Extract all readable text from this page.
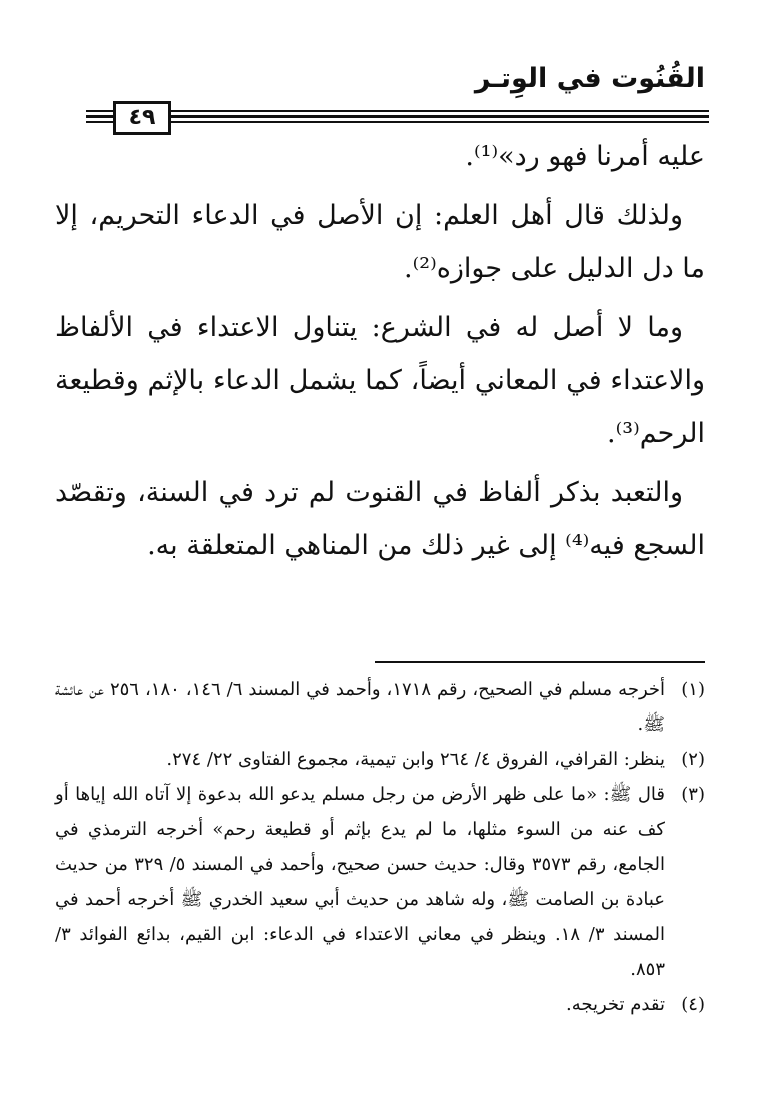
القُنُوت في الوِتـر
٤٩

عليه أمرنا فهو رد»⁽¹⁾.

ولذلك قال أهل العلم: إن الأصل في الدعاء التحريم، إلا ما دل الدليل على جوازه⁽²⁾.

وما لا أصل له في الشرع: يتناول الاعتداء في الألفاظ والاعتداء في المعاني أيضاً، كما يشمل الدعاء بالإثم وقطيعة الرحم⁽³⁾.

والتعبد بذكر ألفاظ في القنوت لم ترد في السنة، وتقصّد السجع فيه⁽⁴⁾ إلى غير ذلك من المناهي المتعلقة به.

(١)
أخرجه مسلم في الصحيح، رقم ١٧١٨، وأحمد في المسند ٦/ ١٤٦، ١٨٠، ٢٥٦ عن عائشة ﷺ.
(٢)
ينظر: القرافي، الفروق ٤/ ٢٦٤ وابن تيمية، مجموع الفتاوى ٢٢/ ٢٧٤.
(٣)
قال ﷺ: «ما على ظهر الأرض من رجل مسلم يدعو الله بدعوة إلا آتاه الله إياها أو كف عنه من السوء مثلها، ما لم يدع بإثم أو قطيعة رحم» أخرجه الترمذي في الجامع، رقم ٣٥٧٣ وقال: حديث حسن صحيح، وأحمد في المسند ٥/ ٣٢٩ من حديث عبادة بن الصامت ﷺ، وله شاهد من حديث أبي سعيد الخدري ﷺ أخرجه أحمد في المسند ٣/ ١٨. وينظر في معاني الاعتداء في الدعاء: ابن القيم، بدائع الفوائد ٣/ ٨٥٣.
(٤)
تقدم تخريجه.
